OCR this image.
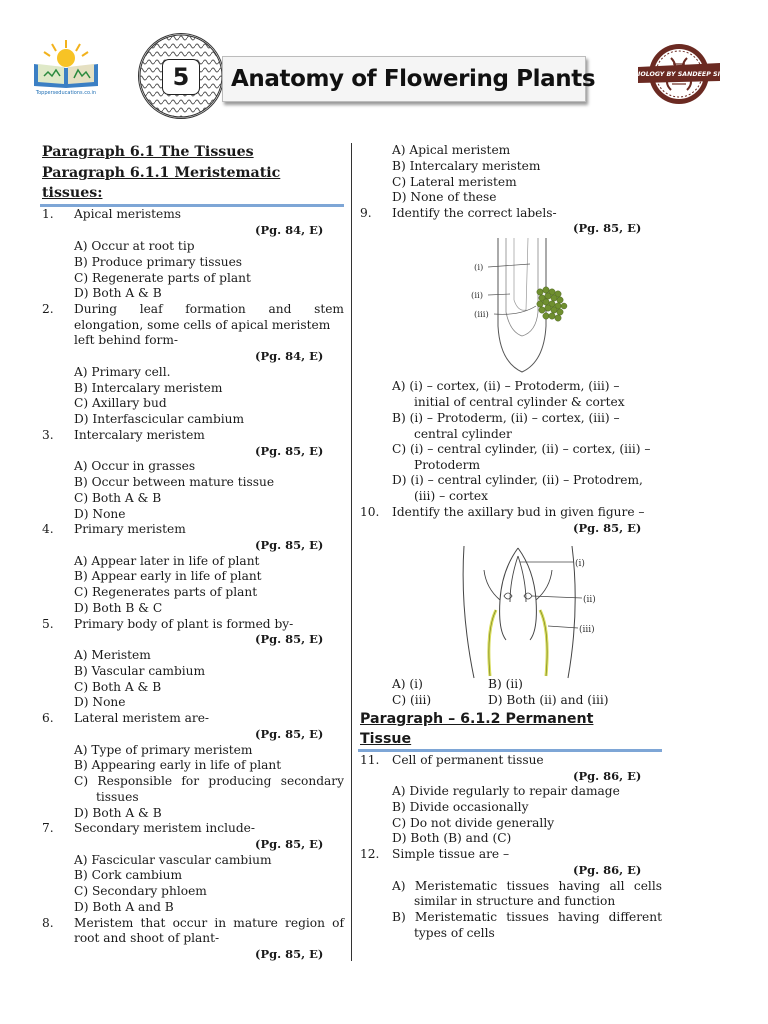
Topperseducations.co.in
5	Anatomy of Flowering Plants	BIOLOGY BY SANDEEP SIR
Paragraph 6.1 The Tissues
Paragraph 6.1.1 Meristematic
tissues:
1. Apical meristems
(Pg. 84, E)
A) Occur at root tip
B) Produce primary tissues
C) Regenerate parts of plant
D) Both A & B
2. During leaf formation and stem
elongation, some cells of apical meristem
left behind form-
(Pg. 84, E)
A) Primary cell.
B) Intercalary meristem
C) Axillary bud
D) Interfascicular cambium
3. Intercalary meristem
(Pg. 85, E)
A) Occur in grasses
B) Occur between mature tissue
C) Both A & B
D) None
4. Primary meristem
(Pg. 85, E)
A) Appear later in life of plant
B) Appear early in life of plant
C) Regenerates parts of plant
D) Both B & C
5. Primary body of plant is formed by-
(Pg. 85, E)
A) Meristem
B) Vascular cambium
C) Both A & B
D) None
6. Lateral meristem are-
(Pg. 85, E)
A) Type of primary meristem
B) Appearing early in life of plant
C) Responsible for producing secondary
tissues
D) Both A & B
7. Secondary meristem include-
(Pg. 85, E)
A) Fascicular vascular cambium
B) Cork cambium
C) Secondary phloem
D) Both A and B
8. Meristem that occur in mature region of
root and shoot of plant-
(Pg. 85, E)
A) Apical meristem
B) Intercalary meristem
C) Lateral meristem
D) None of these
9. Identify the correct labels-
(Pg. 85, E)
(i)
(ii)
(iii)
A) (i) – cortex, (ii) – Protoderm, (iii) –
initial of central cylinder & cortex
B) (i) – Protoderm, (ii) – cortex, (iii) –
central cylinder
C) (i) – central cylinder, (ii) – cortex, (iii) –
Protoderm
D) (i) – central cylinder, (ii) – Protodrem,
(iii) – cortex
10. Identify the axillary bud in given figure –
(Pg. 85, E)
(i)
(ii)
(iii)
A) (i)	B) (ii)
C) (iii)	D) Both (ii) and (iii)
Paragraph – 6.1.2 Permanent
Tissue
11. Cell of permanent tissue
(Pg. 86, E)
A) Divide regularly to repair damage
B) Divide occasionally
C) Do not divide generally
D) Both (B) and (C)
12. Simple tissue are –
(Pg. 86, E)
A) Meristematic tissues having all cells
similar in structure and function
B) Meristematic tissues having different
types of cells
